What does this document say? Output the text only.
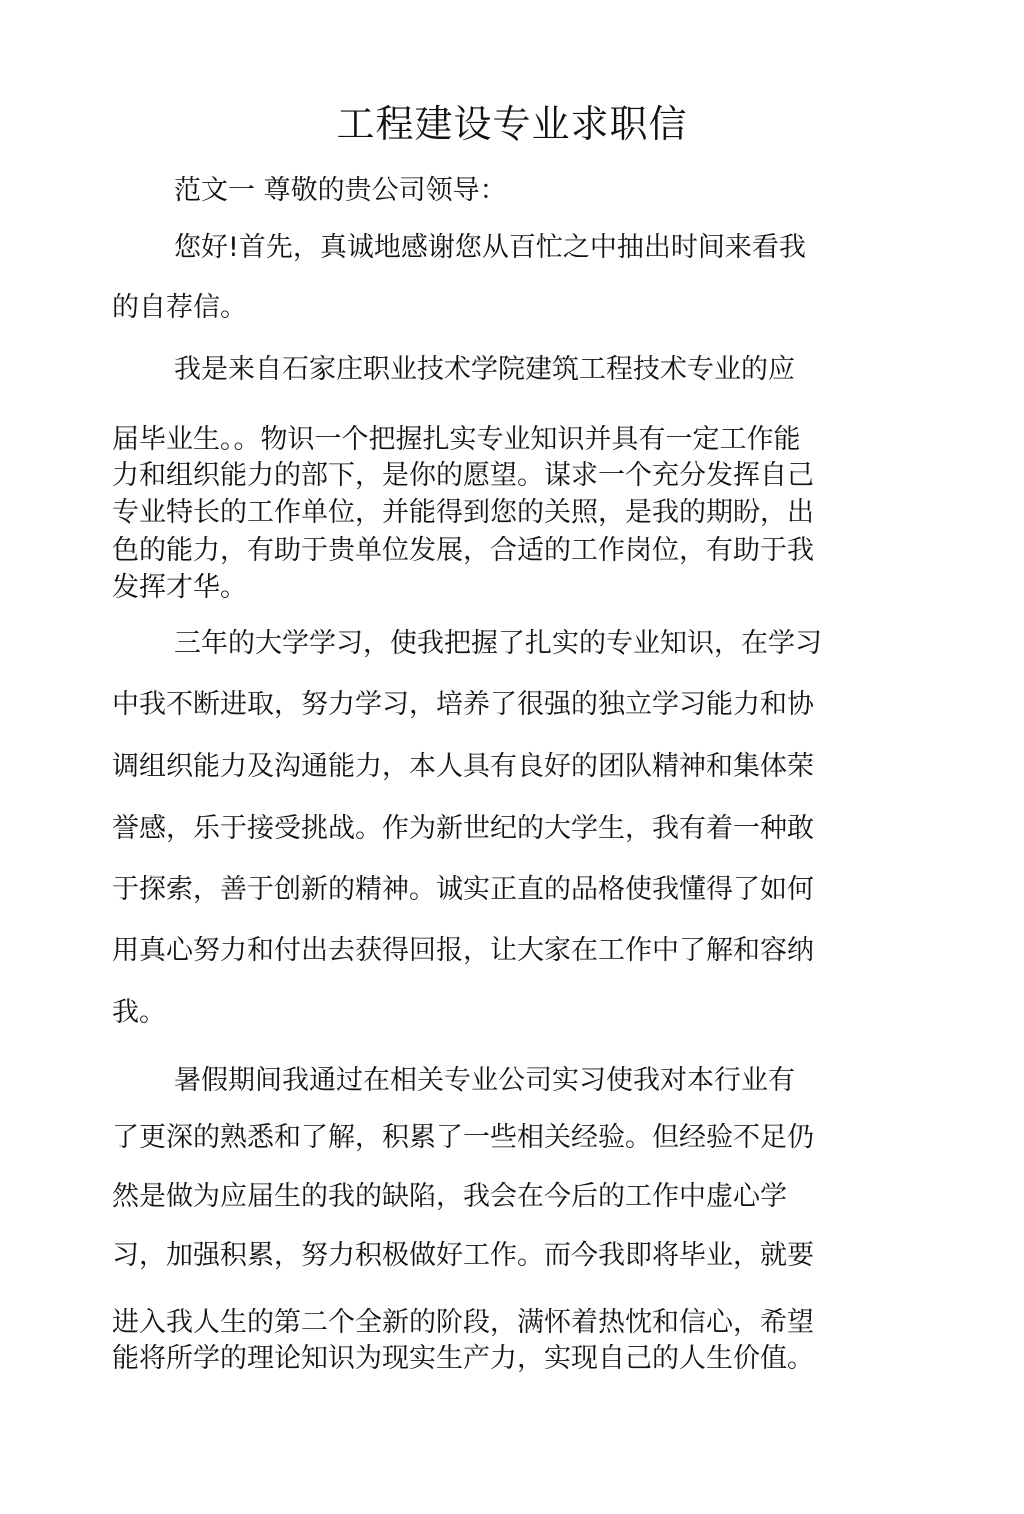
工程建设专业求职信

范文一 尊敬的贵公司领导：

您好!首先，真诚地感谢您从百忙之中抽出时间来看我

的自荐信。

我是来自石家庄职业技术学院建筑工程技术专业的应

届毕业生。。物识一个把握扎实专业知识并具有一定工作能

力和组织能力的部下，是你的愿望。谋求一个充分发挥自己

专业特长的工作单位，并能得到您的关照，是我的期盼，出

色的能力，有助于贵单位发展，合适的工作岗位，有助于我

发挥才华。

三年的大学学习，使我把握了扎实的专业知识，在学习

中我不断进取，努力学习，培养了很强的独立学习能力和协

调组织能力及沟通能力，本人具有良好的团队精神和集体荣

誉感，乐于接受挑战。作为新世纪的大学生，我有着一种敢

于探索，善于创新的精神。诚实正直的品格使我懂得了如何

用真心努力和付出去获得回报，让大家在工作中了解和容纳

我。

暑假期间我通过在相关专业公司实习使我对本行业有

了更深的熟悉和了解，积累了一些相关经验。但经验不足仍

然是做为应届生的我的缺陷，我会在今后的工作中虚心学

习，加强积累，努力积极做好工作。而今我即将毕业，就要

进入我人生的第二个全新的阶段，满怀着热忱和信心，希望

能将所学的理论知识为现实生产力，实现自己的人生价值。
